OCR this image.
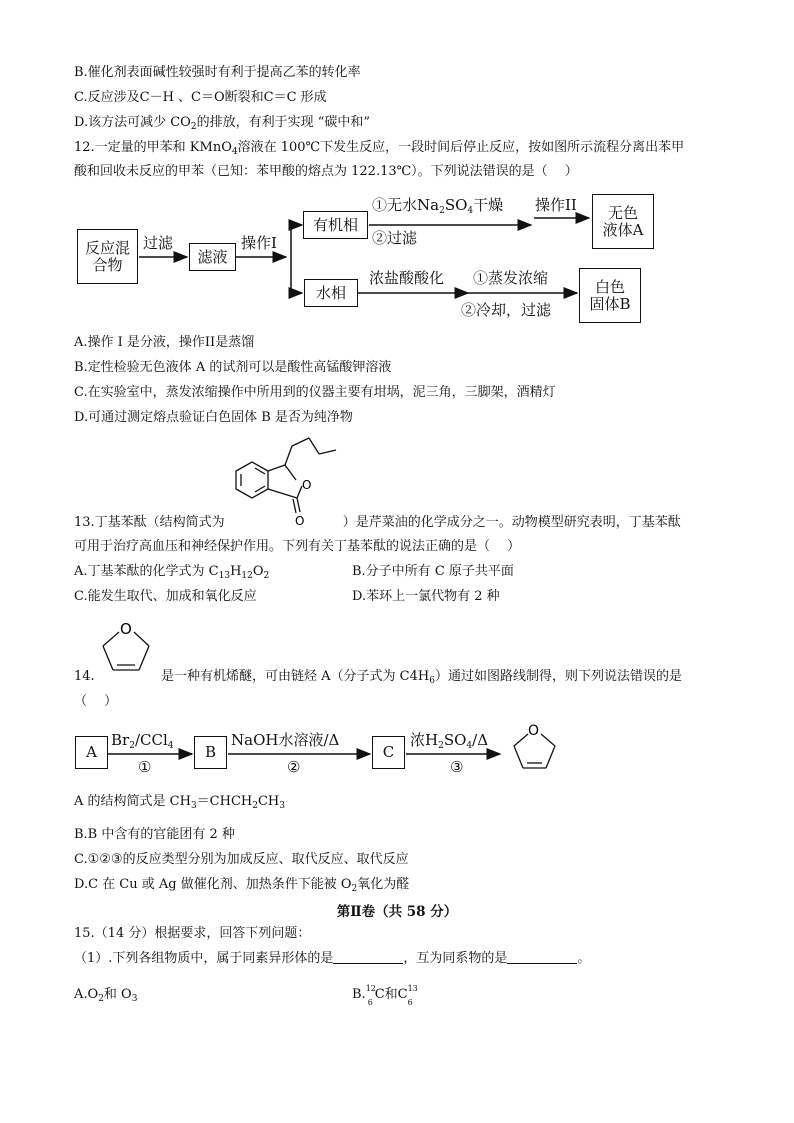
B.催化剂表面碱性较强时有利于提高乙苯的转化率
C.反应涉及C－H 、C＝O断裂和C＝C 形成
D.该方法可减少 $CO_2$的排放，有利于实现 “碳中和”
12.一定量的甲苯和 KMnO$_4$溶液在 100℃下发生反应，一段时间后停止反应，按如图所示流程分离出苯甲
酸和回收未反应的甲苯（已知：苯甲酸的熔点为 122.13℃）。下列说法错误的是（　 ）
反应混
合物
过滤
滤液
操作I
有机相
①无水$Na_2SO_4$干燥
②过滤
操作II	无色
液体A
水相
浓盐酸酸化 ①蒸发浓缩
②冷却，过滤
白色
固体B
A.操作 I 是分液，操作II是蒸馏
B.定性检验无色液体 A 的试剂可以是酸性高锰酸钾溶液
C.在实验室中，蒸发浓缩操作中所用到的仪器主要有坩埚，泥三角，三脚架，酒精灯
D.可通过测定熔点验证白色固体 B 是否为纯净物
O
O
13.丁基苯酞（结构简式为	）是芹菜油的化学成分之一。动物模型研究表明，丁基苯酞
可用于治疗高血压和神经保护作用。下列有关丁基苯酞的说法正确的是（　 ）
A.丁基苯酞的化学式为 $C_{13}H_{12}O_2$	B.分子中所有 C 原子共平面
C.能发生取代、加成和氧化反应	D.苯环上一氯代物有 2 种
O
14.	是一种有机烯醚，可由链烃 A（分子式为 $C4H_6$）通过如图路线制得，则下列说法错误的是
（　 ）
A	B	C
$Br_2/CCl_4$
①
NaOH水溶液/Δ
②
浓$H_2SO_4/\Delta$
③
O
A 的结构简式是 $CH_3=CHCH_2CH_3$
B.B 中含有的官能团有 2 种
C.①②③的反应类型分别为加成反应、取代反应、取代反应
D.C 在 Cu 或 Ag 做催化剂、加热条件下能被 $O_2$氧化为醛
第Ⅱ卷（共 58 分）
15.（14 分）根据要求，回答下列问题：
（1）.下列各组物质中，属于同素异形体的是	，互为同系物的是	。
$A.O_2$和 $O_3$	B. 12
6
C和C 13
6
